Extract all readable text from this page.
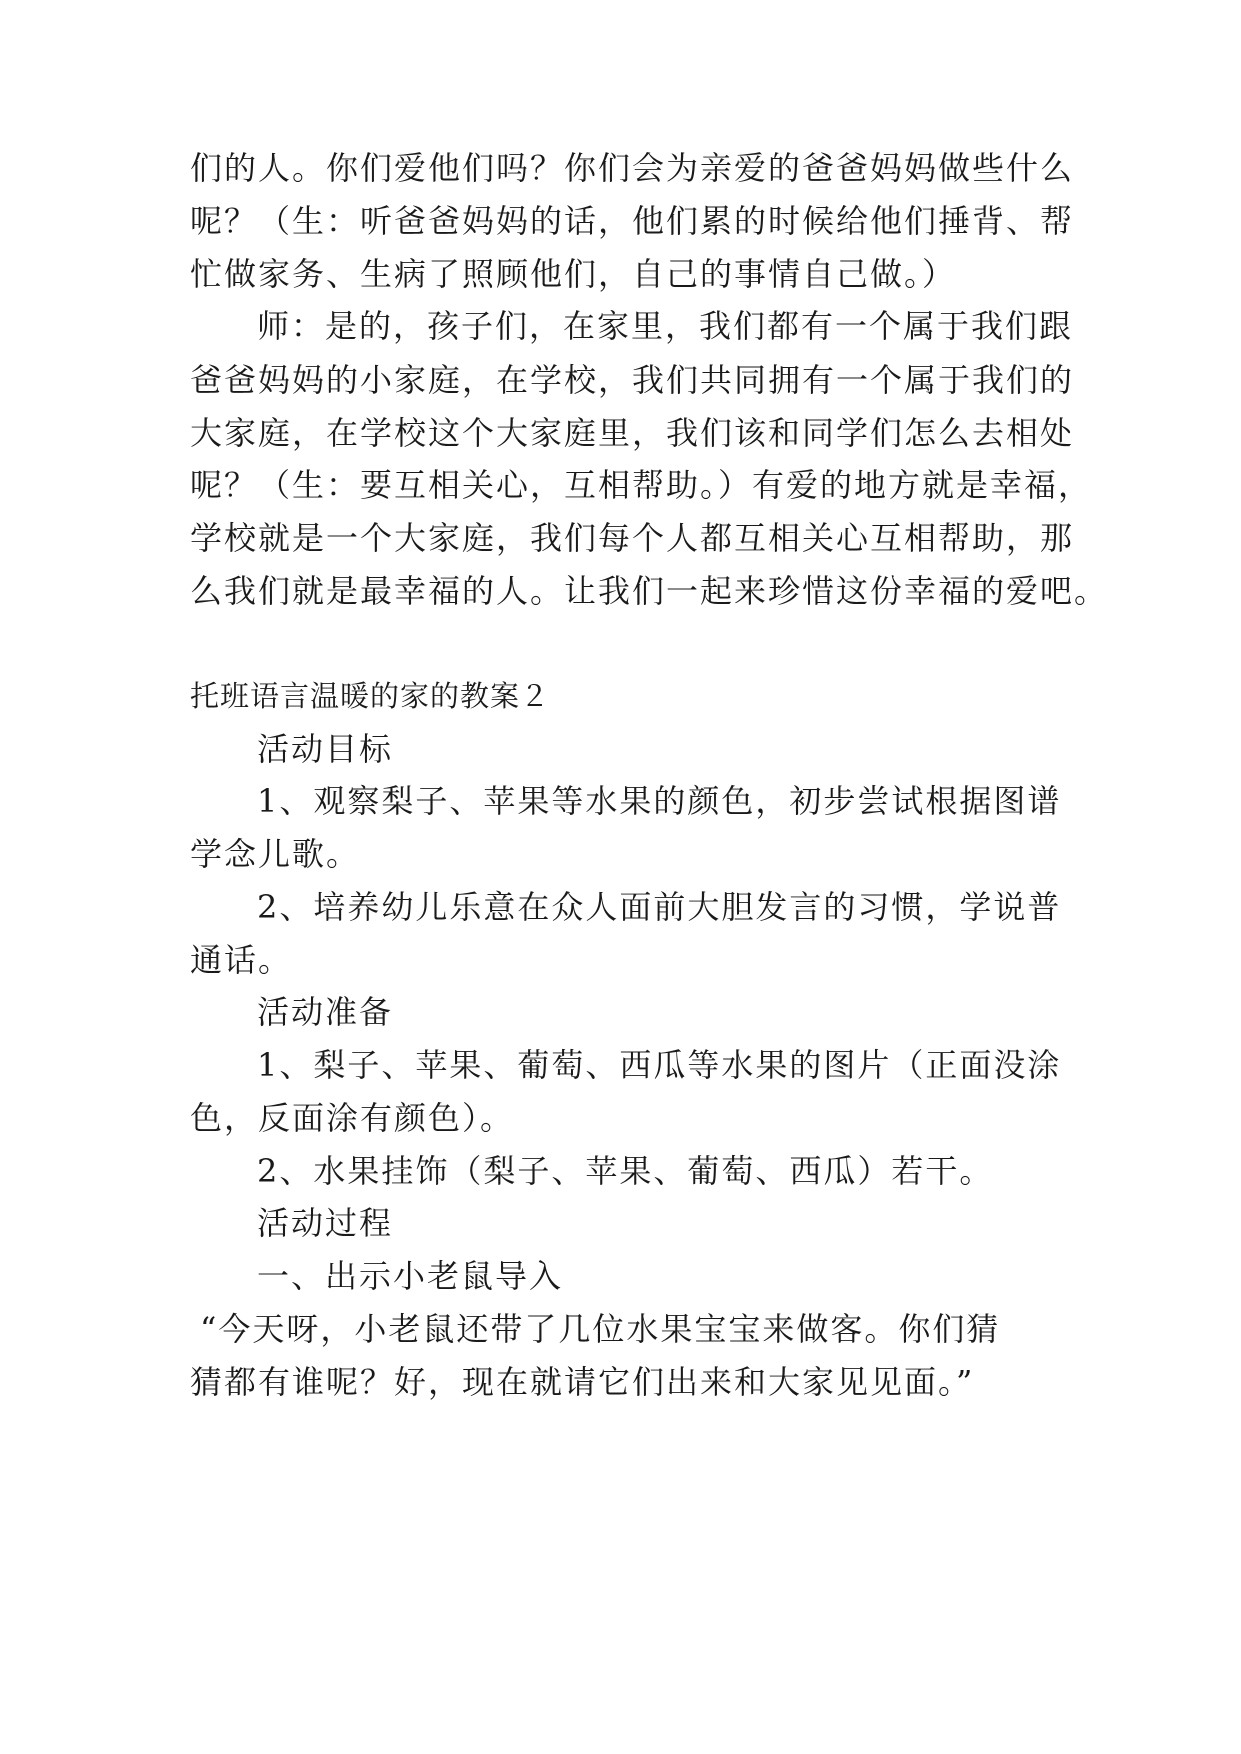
们的人。你们爱他们吗？你们会为亲爱的爸爸妈妈做些什么
呢？（生：听爸爸妈妈的话，他们累的时候给他们捶背、帮
忙做家务、生病了照顾他们，自己的事情自己做。）
师：是的，孩子们，在家里，我们都有一个属于我们跟
爸爸妈妈的小家庭，在学校，我们共同拥有一个属于我们的
大家庭，在学校这个大家庭里，我们该和同学们怎么去相处
呢？（生：要互相关心，互相帮助。）有爱的地方就是幸福，
学校就是一个大家庭，我们每个人都互相关心互相帮助，那
么我们就是最幸福的人。让我们一起来珍惜这份幸福的爱吧。
托班语言温暖的家的教案２
活动目标
1、观察梨子、苹果等水果的颜色，初步尝试根据图谱
学念儿歌。
2、培养幼儿乐意在众人面前大胆发言的习惯，学说普
通话。
活动准备
1、梨子、苹果、葡萄、西瓜等水果的图片（正面没涂
色，反面涂有颜色）。
2、水果挂饰（梨子、苹果、葡萄、西瓜）若干。
活动过程
一、出示小老鼠导入
“今天呀，小老鼠还带了几位水果宝宝来做客。你们猜
猜都有谁呢？好，现在就请它们出来和大家见见面。”
